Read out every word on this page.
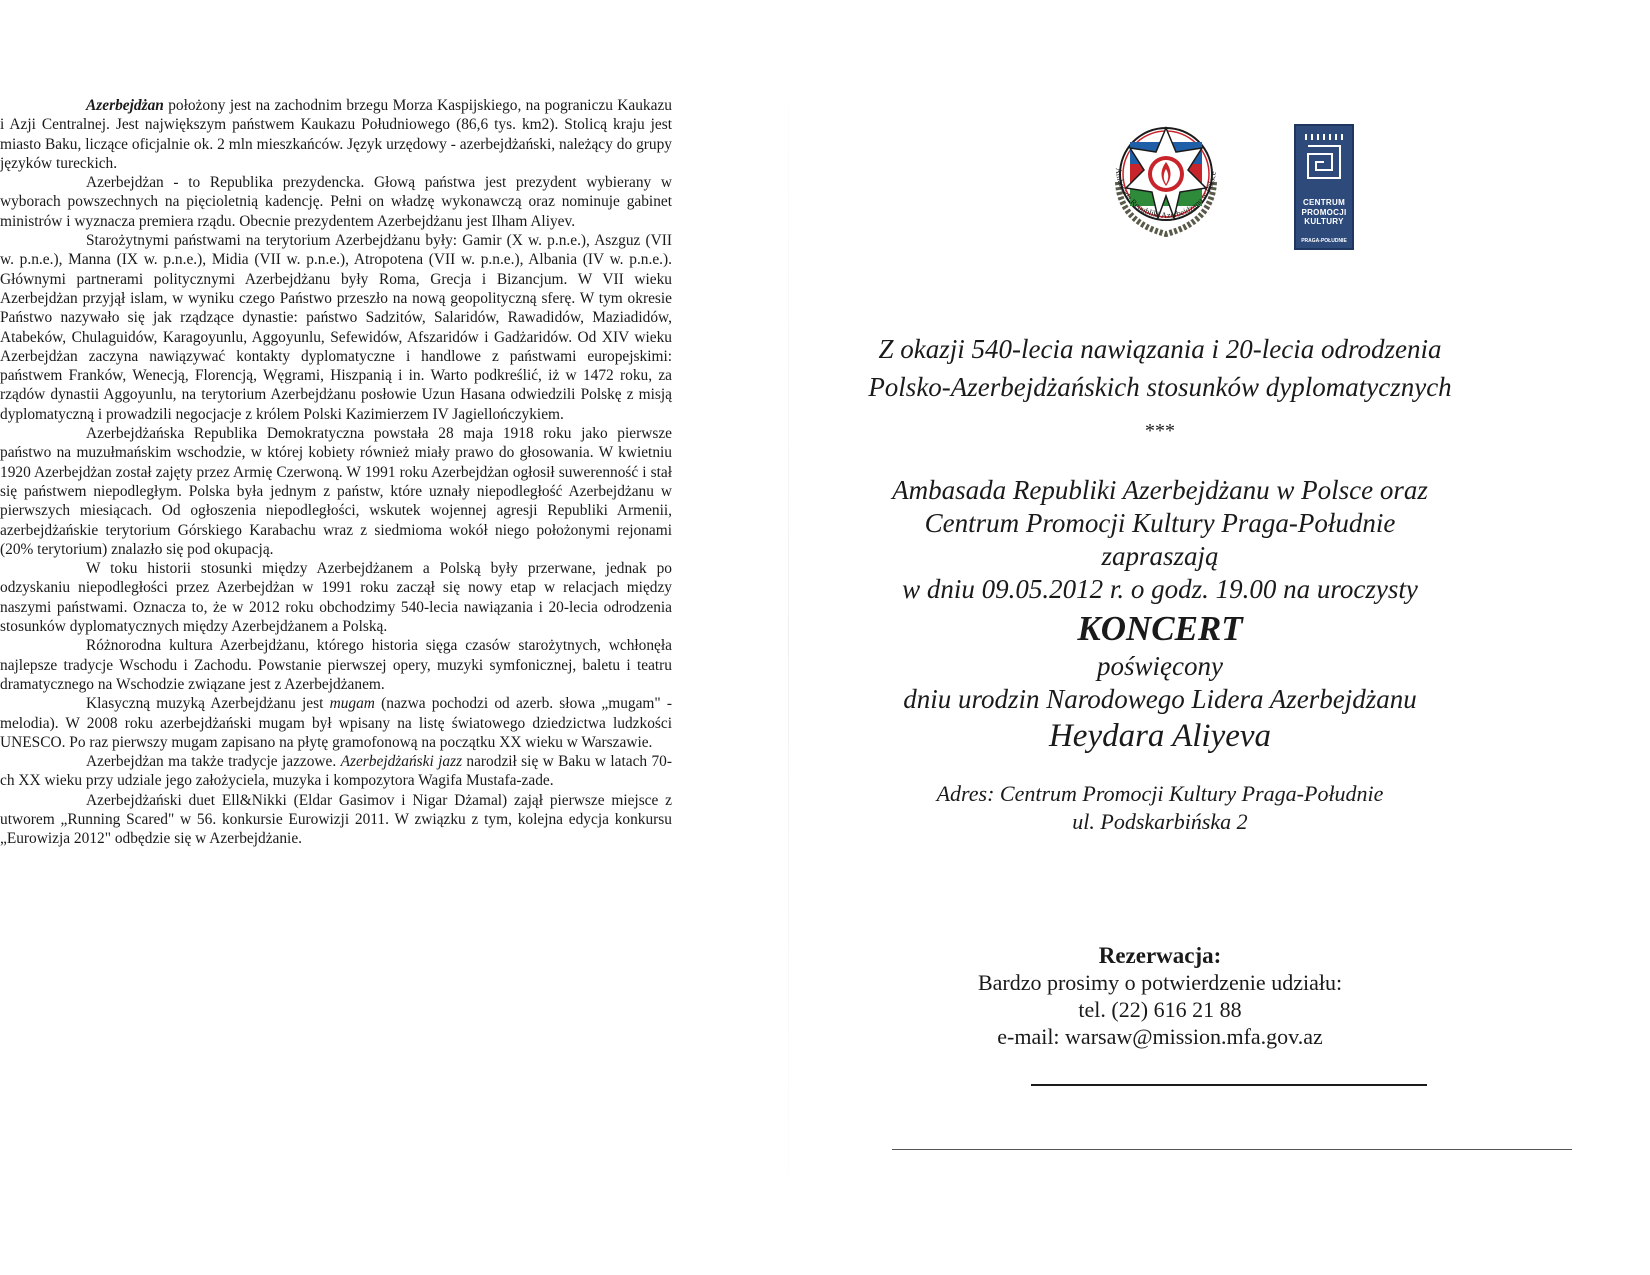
Azerbejdżan położony jest na zachodnim brzegu Morza Kaspijskiego, na pograniczu Kaukazu i Azji Centralnej. Jest największym państwem Kaukazu Południowego (86,6 tys. km2). Stolicą kraju jest miasto Baku, liczące oficjalnie ok. 2 mln mieszkańców. Język urzędowy - azerbejdżański, należący do grupy języków tureckich.

Azerbejdżan - to Republika prezydencka. Głową państwa jest prezydent wybierany w wyborach powszechnych na pięcioletnią kadencję. Pełni on władzę wykonawczą oraz nominuje gabinet ministrów i wyznacza premiera rządu. Obecnie prezydentem Azerbejdżanu jest Ilham Aliyev.

Starożytnymi państwami na terytorium Azerbejdżanu były: Gamir (X w. p.n.e.), Aszguz (VII w. p.n.e.), Manna (IX w. p.n.e.), Midia (VII w. p.n.e.), Atropotena (VII w. p.n.e.), Albania (IV w. p.n.e.). Głównymi partnerami politycznymi Azerbejdżanu były Roma, Grecja i Bizancjum. W VII wieku Azerbejdżan przyjął islam, w wyniku czego Państwo przeszło na nową geopolityczną sferę. W tym okresie Państwo nazywało się jak rządzące dynastie: państwo Sadzitów, Salaridów, Rawadidów, Maziadidów, Atabeków, Chulaguidów, Karagoyunlu, Aggoyunlu, Sefewidów, Afszaridów i Gadżaridów. Od XIV wieku Azerbejdżan zaczyna nawiązywać kontakty dyplomatyczne i handlowe z państwami europejskimi: państwem Franków, Wenecją, Florencją, Węgrami, Hiszpanią i in. Warto podkreślić, iż w 1472 roku, za rządów dynastii Aggoyunlu, na terytorium Azerbejdżanu posłowie Uzun Hasana odwiedzili Polskę z misją dyplomatyczną i prowadzili negocjacje z królem Polski Kazimierzem IV Jagiellończykiem.

Azerbejdżańska Republika Demokratyczna powstała 28 maja 1918 roku jako pierwsze państwo na muzułmańskim wschodzie, w której kobiety również miały prawo do głosowania. W kwietniu 1920 Azerbejdżan został zajęty przez Armię Czerwoną. W 1991 roku Azerbejdżan ogłosił suwerenność i stał się państwem niepodległym. Polska była jednym z państw, które uznały niepodległość Azerbejdżanu w pierwszych miesiącach. Od ogłoszenia niepodległości, wskutek wojennej agresji Republiki Armenii, azerbejdżańskie terytorium Górskiego Karabachu wraz z siedmioma wokół niego położonymi rejonami (20% terytorium) znalazło się pod okupacją.

W toku historii stosunki między Azerbejdżanem a Polską były przerwane, jednak po odzyskaniu niepodległości przez Azerbejdżan w 1991 roku zaczął się nowy etap w relacjach między naszymi państwami. Oznacza to, że w 2012 roku obchodzimy 540-lecia nawiązania i 20-lecia odrodzenia stosunków dyplomatycznych między Azerbejdżanem a Polską.

Różnorodna kultura Azerbejdżanu, którego historia sięga czasów starożytnych, wchłonęła najlepsze tradycje Wschodu i Zachodu. Powstanie pierwszej opery, muzyki symfonicznej, baletu i teatru dramatycznego na Wschodzie związane jest z Azerbejdżanem.

Klasyczną muzyką Azerbejdżanu jest mugam (nazwa pochodzi od azerb. słowa „mugam" - melodia). W 2008 roku azerbejdżański mugam był wpisany na listę światowego dziedzictwa ludzkości UNESCO. Po raz pierwszy mugam zapisano na płytę gramofonową na początku XX wieku w Warszawie.

Azerbejdżan ma także tradycje jazzowe. Azerbejdżański jazz narodził się w Baku w latach 70-ch XX wieku przy udziale jego założyciela, muzyka i kompozytora Wagifa Mustafa-zade.

Azerbejdżański duet Ell&Nikki (Eldar Gasimov i Nigar Dżamal) zajął pierwsze miejsce z utworem „Running Scared" w 56. konkursie Eurowizji 2011. W związku z tym, kolejna edycja konkursu „Eurowizja 2012" odbędzie się w Azerbejdżanie.

Ambasada Republiki Azerbejdżanu w Polsce
CENTRUM
PROMOCJI
KULTURY
PRAGA-POŁUDNIE
Z okazji 540-lecia nawiązania i 20-lecia odrodzenia
Polsko-Azerbejdżańskich stosunków dyplomatycznych
***
Ambasada Republiki Azerbejdżanu w Polsce oraz
Centrum Promocji Kultury Praga-Południe
zapraszają
w dniu 09.05.2012 r. o godz. 19.00 na uroczysty
KONCERT
poświęcony
dniu urodzin Narodowego Lidera Azerbejdżanu
Heydara Aliyeva
Adres: Centrum Promocji Kultury Praga-Południe
ul. Podskarbińska 2
Rezerwacja:
Bardzo prosimy o potwierdzenie udziału:
tel. (22) 616 21 88
e-mail: warsaw@mission.mfa.gov.az
